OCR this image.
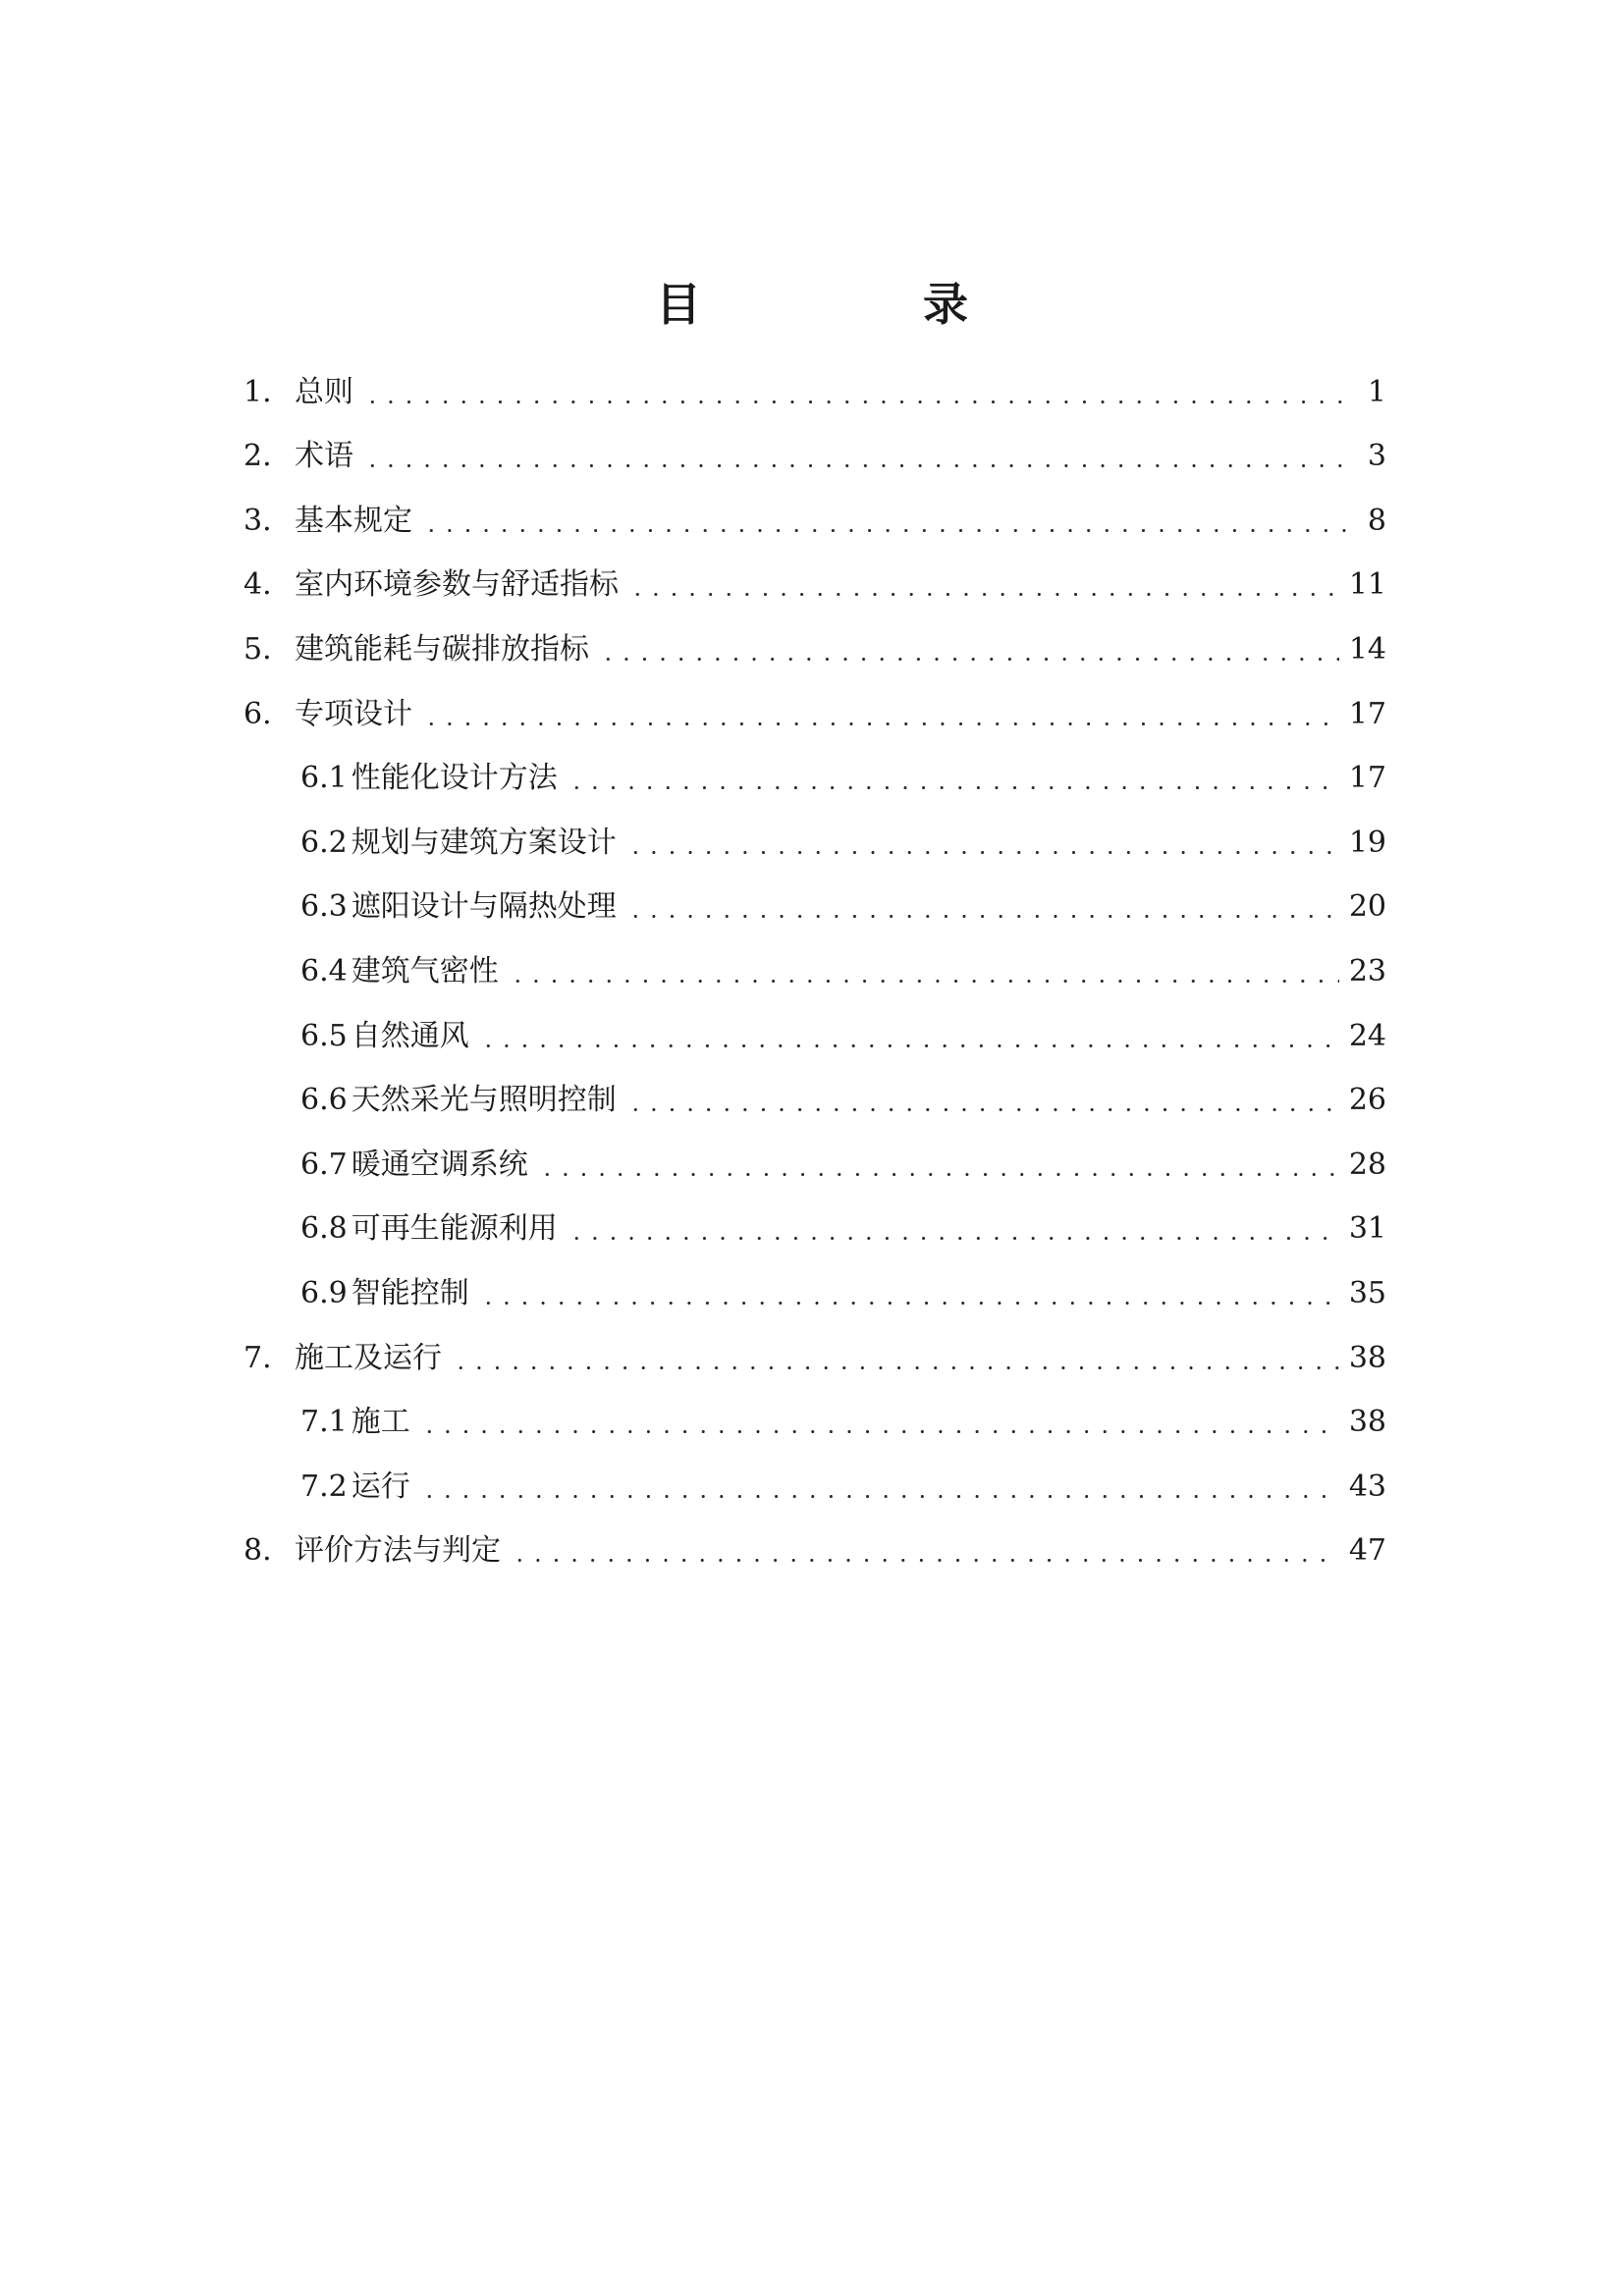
目　录
1. 总则	1
2. 术语	3
3. 基本规定	8
4. 室内环境参数与舒适指标	11
5. 建筑能耗与碳排放指标	14
6. 专项设计	17
6.1 性能化设计方法	17
6.2 规划与建筑方案设计	19
6.3 遮阳设计与隔热处理	20
6.4 建筑气密性	23
6.5 自然通风	24
6.6 天然采光与照明控制	26
6.7 暖通空调系统	28
6.8 可再生能源利用	31
6.9 智能控制	35
7. 施工及运行	38
7.1 施工	38
7.2 运行	43
8. 评价方法与判定	47
